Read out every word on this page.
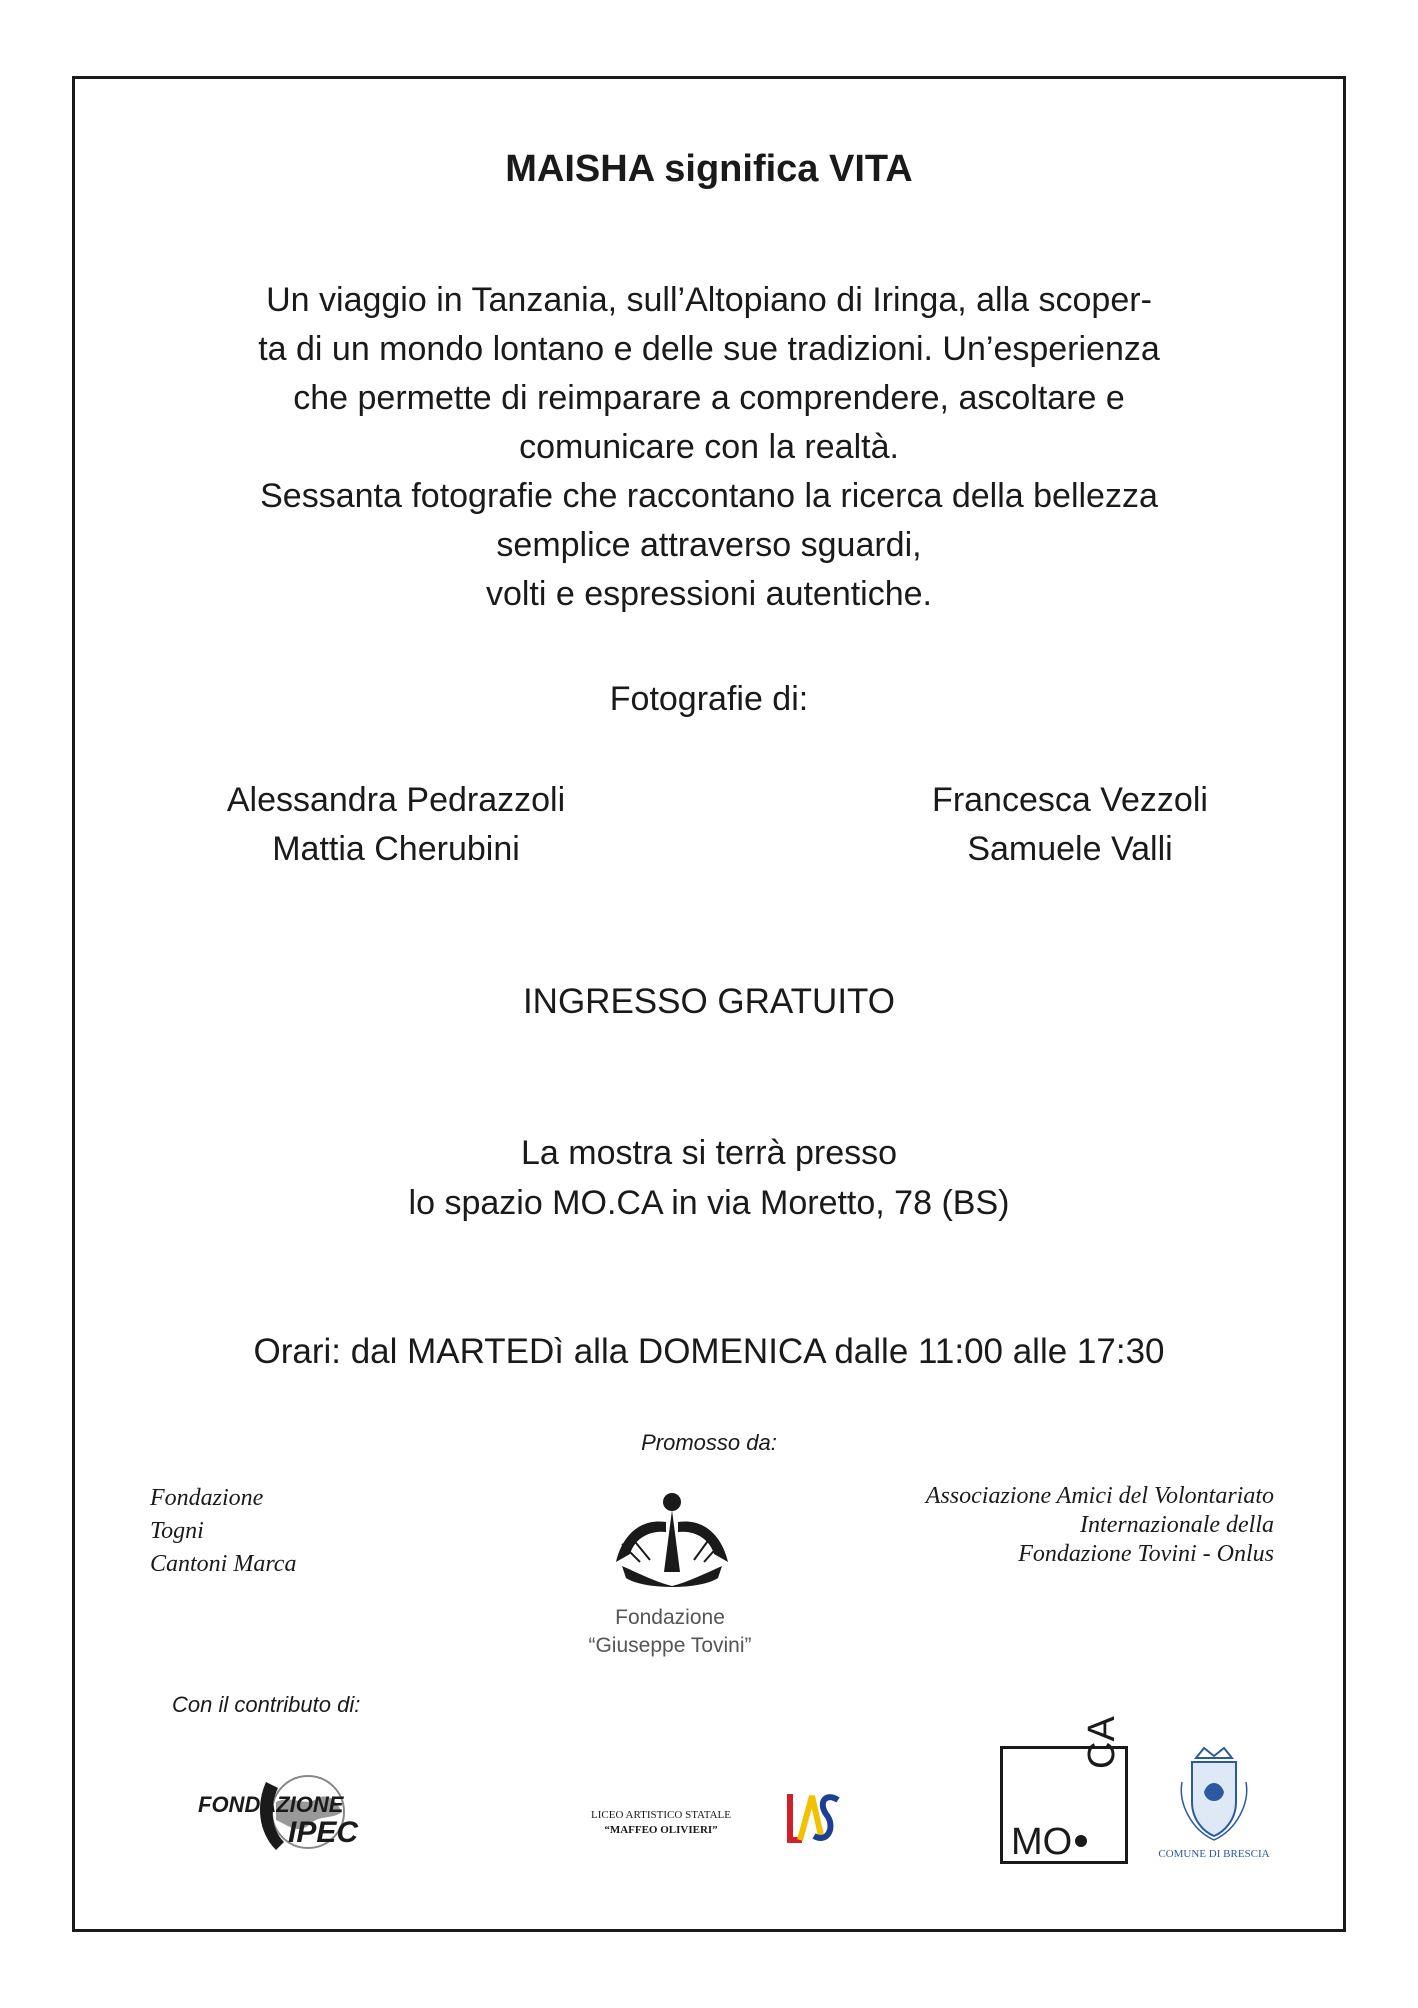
MAISHA significa VITA

Un viaggio in Tanzania, sull’Altopiano di Iringa, alla scoper-

ta di un mondo lontano e delle sue tradizioni. Un’esperienza

che permette di reimparare a comprendere, ascoltare e

comunicare con la realtà.

Sessanta fotografie che raccontano la ricerca della bellezza

semplice attraverso sguardi,

volti e espressioni autentiche.

Fotografie di:
Alessandra Pedrazzoli
Mattia Cherubini
Francesca Vezzoli
Samuele Valli
INGRESSO GRATUITO
La mostra si terrà presso
lo spazio MO.CA in via Moretto, 78 (BS)
Orari: dal MARTEDì alla DOMENICA dalle 11:00 alle 17:30
Promosso da:
Fondazione
Togni
Cantoni Marca
Fondazione
“Giuseppe Tovini”
Associazione Amici del Volontariato
Internazionale della
Fondazione Tovini - Onlus
Con il contributo di:
FONDAZIONE
IPEC
LICEO ARTISTICO STATALE
“MAFFEO OLIVIERI”	MO
CA
COMUNE DI BRESCIA
